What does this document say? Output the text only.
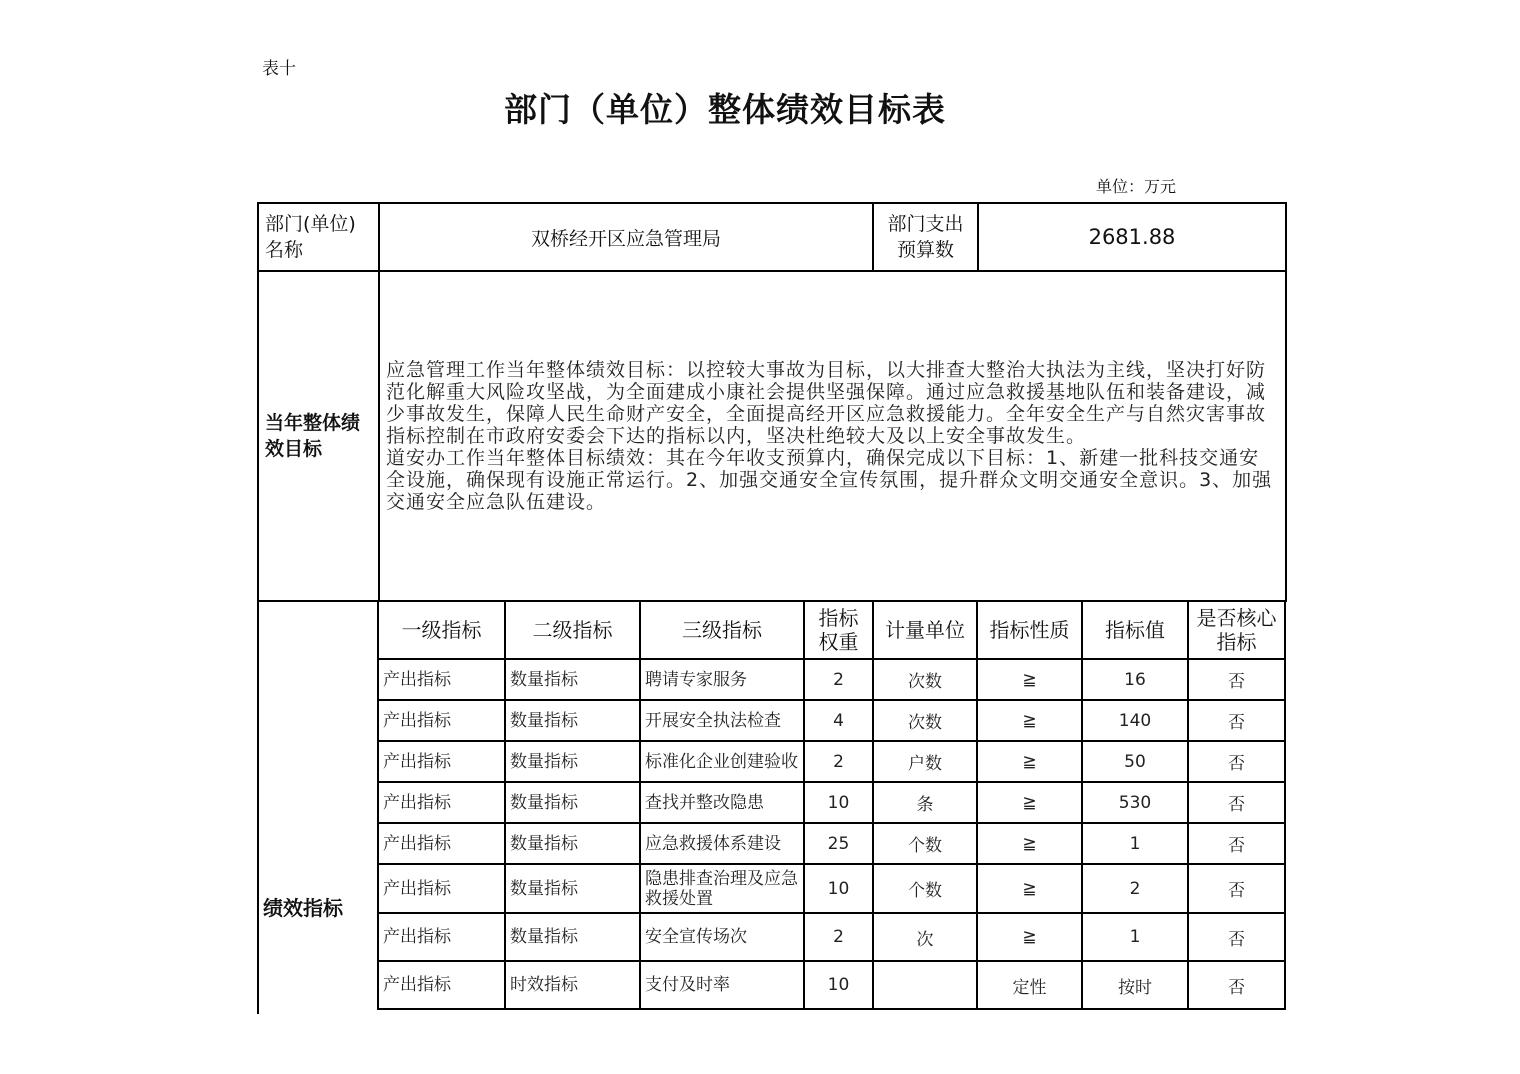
表十
部门（单位）整体绩效目标表
单位：万元
部门(单位)名称	双桥经开区应急管理局	部门支出预算数	2681.88
当年整体绩效目标	应急管理工作当年整体绩效目标：以控较大事故为目标，以大排查大整治大执法为主线，坚决打好防范化解重大风险攻坚战，为全面建成小康社会提供坚强保障。通过应急救援基地队伍和装备建设，减少事故发生，保障人民生命财产安全，全面提高经开区应急救援能力。全年安全生产与自然灾害事故指标控制在市政府安委会下达的指标以内，坚决杜绝较大及以上安全事故发生。
道安办工作当年整体目标绩效：其在今年收支预算内，确保完成以下目标：1、新建一批科技交通安全设施，确保现有设施正常运行。2、加强交通安全宣传氛围，提升群众文明交通安全意识。3、加强交通安全应急队伍建设。		
绩效指标
一级指标	二级指标	三级指标	指标权重	计量单位	指标性质	指标值	是否核心指标
产出指标	数量指标	聘请专家服务	2	次数	≧	16	否
产出指标	数量指标	开展安全执法检查	4	次数	≧	140	否
产出指标	数量指标	标准化企业创建验收	2	户数	≧	50	否
产出指标	数量指标	查找并整改隐患	10	条	≧	530	否
产出指标	数量指标	应急救援体系建设	25	个数	≧	1	否
产出指标	数量指标	隐患排查治理及应急救援处置	10	个数	≧	2	否
产出指标	数量指标	安全宣传场次	2	次	≧	1	否
产出指标	时效指标	支付及时率	10		定性	按时	否
